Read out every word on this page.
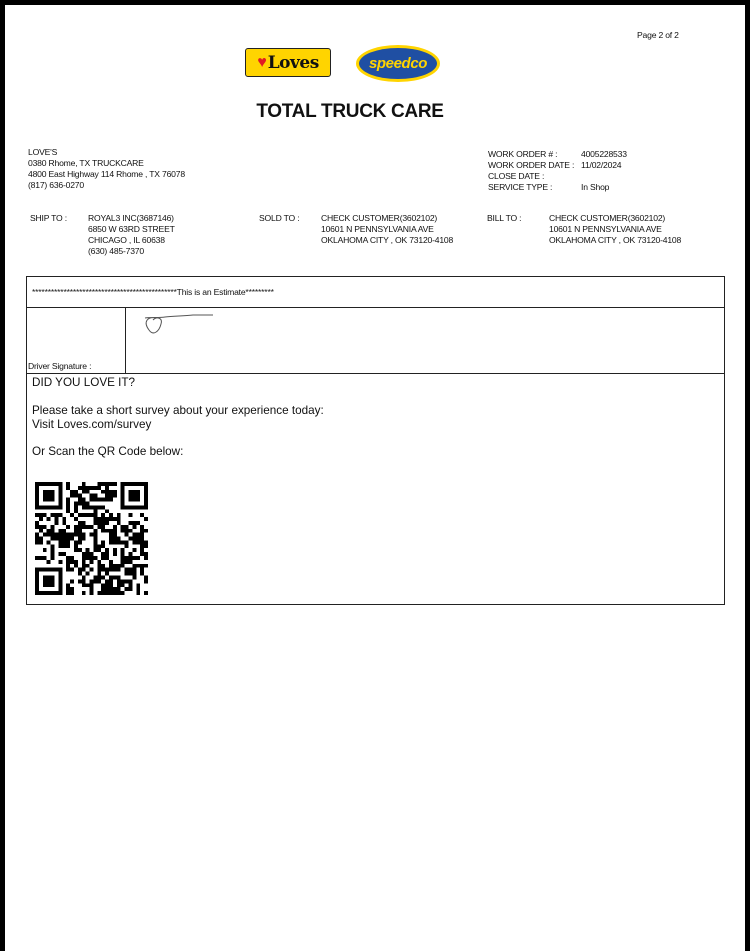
Page 2 of 2
♥ Loves	speedco
TOTAL TRUCK CARE
LOVE'S
0380 Rhome, TX TRUCKCARE
4800 East Highway 114 Rhome , TX 76078
(817) 636-0270
WORK ORDER # :	4005228533
WORK ORDER DATE : 11/02/2024
CLOSE DATE :
SERVICE TYPE :	In Shop
SHIP TO :	ROYAL3 INC(3687146)
6850 W 63RD STREET
CHICAGO , IL 60638
(630) 485-7370
SOLD TO :	CHECK CUSTOMER(3602102)
10601 N PENNSYLVANIA AVE
OKLAHOMA CITY , OK 73120-4108
BILL TO :	CHECK CUSTOMER(3602102)
10601 N PENNSYLVANIA AVE
OKLAHOMA CITY , OK 73120-4108
**********************************************This is an Estimate*********
Driver Signature :

DID YOU LOVE IT?

Please take a short survey about your experience today:

Visit Loves.com/survey

Or Scan the QR Code below:
